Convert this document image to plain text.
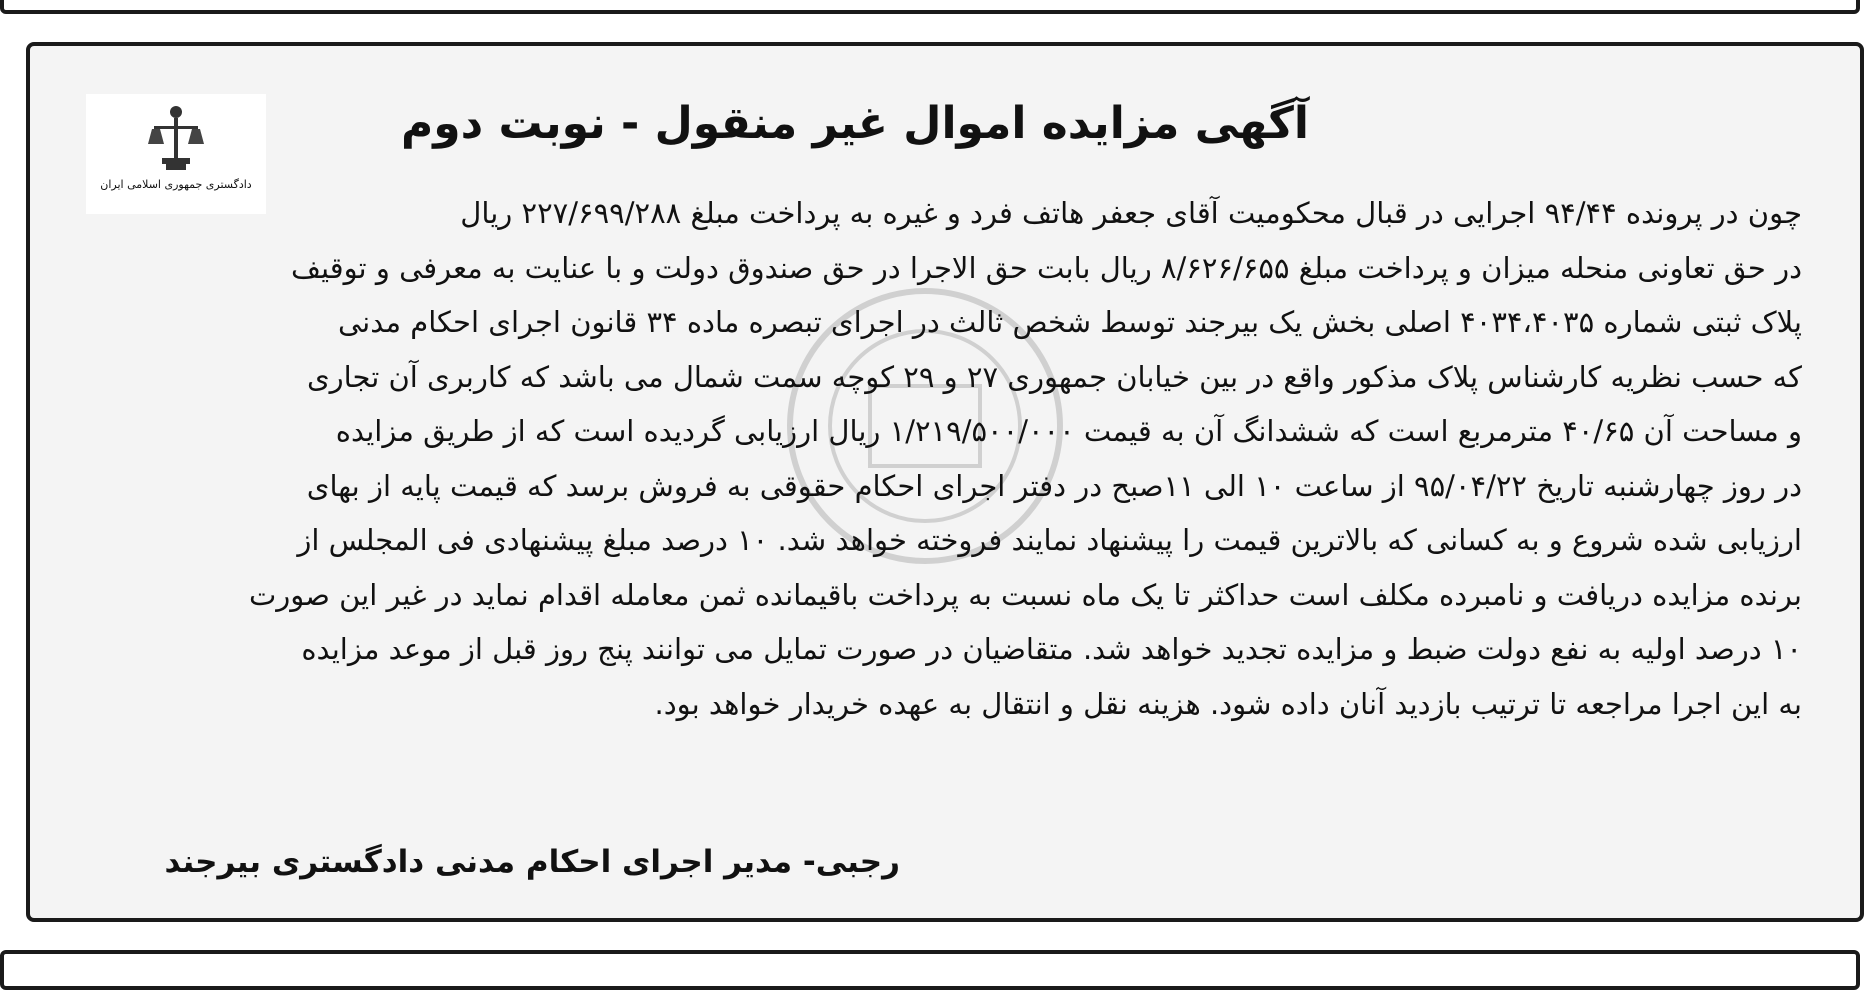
دادگستری جمهوری اسلامی ایران
آگهی مزایده اموال غیر منقول - نوبت دوم
چون در پرونده ۹۴/۴۴ اجرایی در قبال محکومیت آقای جعفر هاتف فرد و غیره به پرداخت مبلغ ۲۲۷/۶۹۹/۲۸۸ ریال
در حق تعاونی منحله میزان و پرداخت مبلغ ۸/۶۲۶/۶۵۵ ریال بابت حق الاجرا در حق صندوق دولت و با عنایت به معرفی و توقیف
پلاک ثبتی شماره ۴۰۳۴،۴۰۳۵ اصلی بخش یک بیرجند توسط شخص ثالث در اجرای تبصره ماده ۳۴ قانون اجرای احکام مدنی
که حسب نظریه کارشناس پلاک مذکور واقع در بین خیابان جمهوری ۲۷ و ۲۹ کوچه سمت شمال می باشد که کاربری آن تجاری
و مساحت آن ۴۰/۶۵ مترمربع است که ششدانگ آن به قیمت ۱/۲۱۹/۵۰۰/۰۰۰ ریال ارزیابی گردیده است که از طریق مزایده
در روز چهارشنبه تاریخ ۹۵/۰۴/۲۲ از ساعت ۱۰ الی ۱۱صبح در دفتر اجرای احکام حقوقی به فروش برسد که قیمت پایه از بهای
ارزیابی شده شروع و به کسانی که بالاترین قیمت را پیشنهاد نمایند فروخته خواهد شد. ۱۰ درصد مبلغ پیشنهادی فی المجلس از
برنده مزایده دریافت و نامبرده مکلف است حداکثر تا یک ماه نسبت به پرداخت باقیمانده ثمن معامله اقدام نماید در غیر این صورت
۱۰ درصد اولیه به نفع دولت ضبط و مزایده تجدید خواهد شد. متقاضیان در صورت تمایل می توانند پنج روز قبل از موعد مزایده
به این اجرا مراجعه تا ترتیب بازدید آنان داده شود. هزینه نقل و انتقال به عهده خریدار خواهد بود.
رجبی- مدیر اجرای احکام مدنی دادگستری بیرجند
